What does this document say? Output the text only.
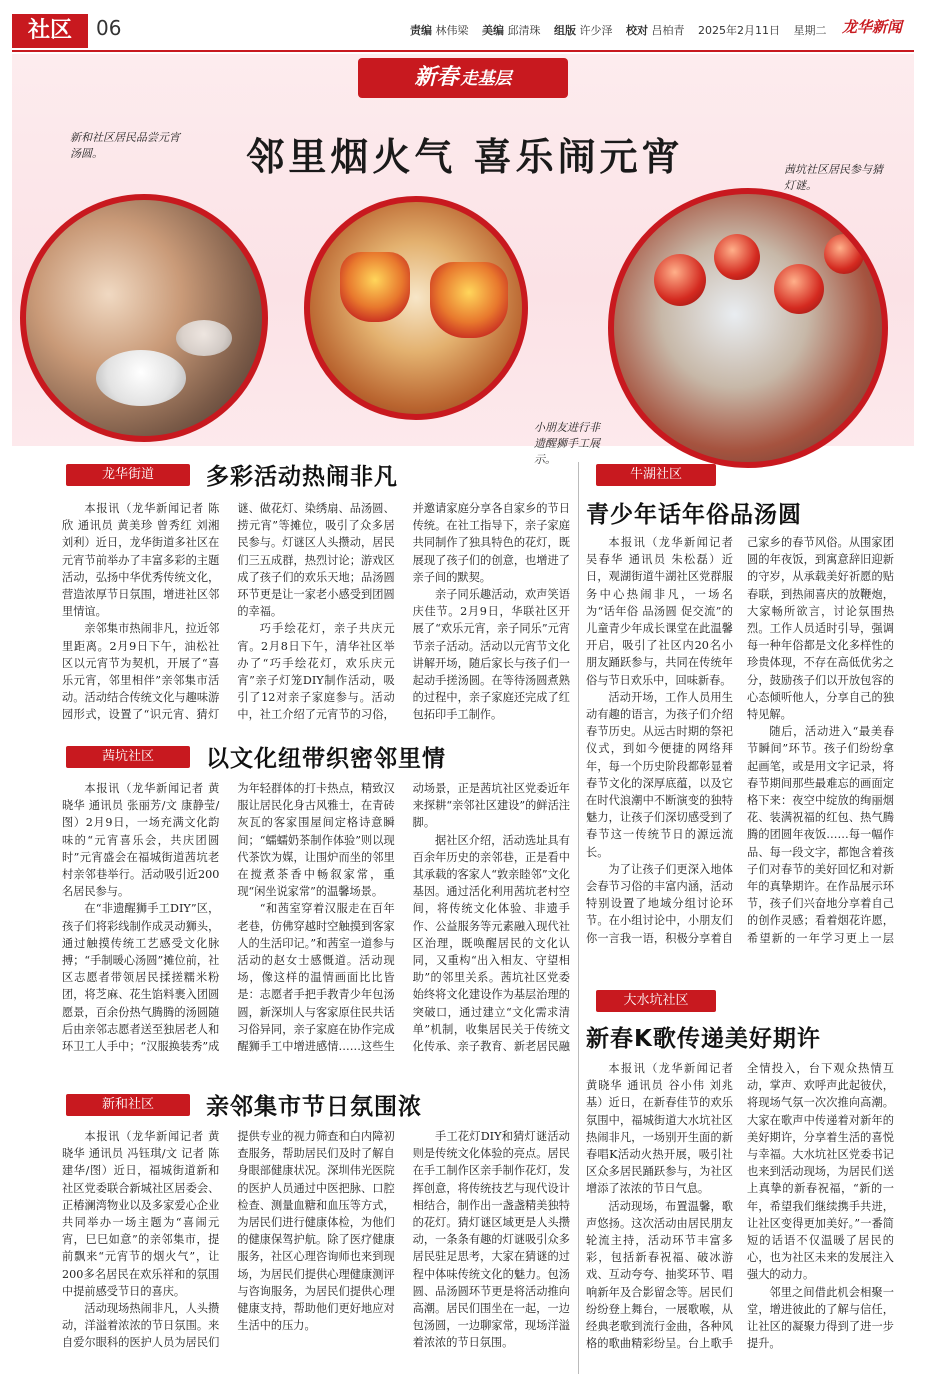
社区	06	责编 林伟梁 美编 邱清珠 组版 许少泽 校对 吕柏青 2025年2月11日 星期二	龙华新闻
新春 走基层
邻里烟火气 喜乐闹元宵
新和社区居民品尝元宵汤圆。
小朋友进行非遗醒狮手工展示。
茜坑社区居民参与猜灯谜。
龙华街道	多彩活动热闹非凡

本报讯（龙华新闻记者 陈欣 通讯员 黄美珍 曾秀红 刘湘 刘利）近日，龙华街道多社区在元宵节前举办了丰富多彩的主题活动，弘扬中华优秀传统文化，营造浓厚节日氛围，增进社区邻里情谊。

亲邻集市热闹非凡，拉近邻里距离。2月9日下午，油松社区以元宵节为契机，开展了“喜乐元宵，邻里相伴”亲邻集市活动。活动结合传统文化与趣味游园形式，设置了“识元宵、猜灯谜、做花灯、染绣扇、品汤圆、捞元宵”等摊位，吸引了众多居民参与。灯谜区人头攒动，居民们三五成群，热烈讨论；游戏区成了孩子们的欢乐天地；品汤圆环节更是让一家老小感受到团圆的幸福。

巧手绘花灯，亲子共庆元宵。2月8日下午，清华社区举办了“巧手绘花灯，欢乐庆元宵”亲子灯笼DIY制作活动，吸引了12对亲子家庭参与。活动中，社工介绍了元宵节的习俗，并邀请家庭分享各自家乡的节日传统。在社工指导下，亲子家庭共同制作了独具特色的花灯，既展现了孩子们的创意，也增进了亲子间的默契。

亲子同乐趣活动，欢声笑语庆佳节。2月9日，华联社区开展了“欢乐元宵，亲子同乐”元宵节亲子活动。活动以元宵节文化讲解开场，随后家长与孩子们一起动手搓汤圆。在等待汤圆煮熟的过程中，亲子家庭还完成了红包拓印手工制作。

茜坑社区	以文化纽带织密邻里情

本报讯（龙华新闻记者 黄晓华 通讯员 张丽芳/文 康静莹/图）2月9日，一场充满文化韵味的“元宵喜乐会，共庆团圆时”元宵盛会在福城街道茜坑老村亲邻巷举行。活动吸引近200名居民参与。

在“非遗醒狮手工DIY”区，孩子们将彩线制作成灵动狮头，通过触摸传统工艺感受文化脉搏；“手制暖心汤圆”摊位前，社区志愿者带领居民揉搓糯米粉团，将芝麻、花生馅料裹入团圆愿景，百余份热气腾腾的汤圆随后由亲邻志愿者送至独居老人和环卫工人手中；“汉服换装秀”成为年轻群体的打卡热点，精致汉服让居民化身古风雅士，在青砖灰瓦的客家围屋间定格诗意瞬间；“蠕蠕奶茶制作体验”则以现代茶饮为媒，让围炉而坐的邻里在搅煮茶香中畅叙家常，重现“闲坐说家常”的温馨场景。

“和茜室穿着汉服走在百年老巷，仿佛穿越时空触摸到客家人的生活印记。”和茜室一道参与活动的赵女士感慨道。活动现场，像这样的温情画面比比皆是：志愿者手把手教青少年包汤圆，新深圳人与客家原住民共话习俗异同，亲子家庭在协作完成醒狮手工中增进感情……这些生动场景，正是茜坑社区党委近年来探耕“亲邻社区建设”的鲜活注脚。

据社区介绍，活动选址具有百余年历史的亲邻巷，正是看中其承载的客家人“敦亲睦邻”文化基因。通过活化利用茜坑老村空间，将传统文化体验、非遗手作、公益服务等元素融入现代社区治理，既唤醒居民的文化认同，又重构“出入相友、守望相助”的邻里关系。茜坑社区党委始终将文化建设作为基层治理的突破口，通过建立“文化需求清单”机制，收集居民关于传统文化传承、亲子教育、新老居民融

新和社区	亲邻集市节日氛围浓

本报讯（龙华新闻记者 黄晓华 通讯员 冯钰琪/文 记者 陈建华/图）近日，福城街道新和社区党委联合新城社区居委会、正椿澜湾物业以及多家爱心企业共同举办一场主题为“喜闹元宵，巳巳如意”的亲邻集市，提前飘来“元宵节的烟火气”，让200多名居民在欢乐祥和的氛围中提前感受节日的喜庆。

活动现场热闹非凡，人头攒动，洋溢着浓浓的节日氛围。来自爱尔眼科的医护人员为居民们提供专业的视力筛查和白内障初查服务，帮助居民们及时了解自身眼部健康状况。深圳伟光医院的医护人员通过中医把脉、口腔检查、测量血糖和血压等方式，为居民们进行健康体检，为他们的健康保驾护航。除了医疗健康服务，社区心理咨询师也来到现场，为居民们提供心理健康测评与咨询服务，为居民们提供心理健康支持，帮助他们更好地应对生活中的压力。

手工花灯DIY和猜灯谜活动则是传统文化体验的亮点。居民在手工制作区亲手制作花灯，发挥创意，将传统技艺与现代设计相结合，制作出一盏盏精美独特的花灯。猜灯谜区域更是人头攒动，一条条有趣的灯谜吸引众多居民驻足思考，大家在猜谜的过程中体味传统文化的魅力。包汤圆、品汤圆环节更是将活动推向高潮。居民们围坐在一起，一边包汤圆，一边聊家常，现场洋溢着浓浓的节日氛围。

牛湖社区
青少年话年俗品汤圆

本报讯（龙华新闻记者 吴春华 通讯员 朱松磊）近日，观湖街道牛湖社区党群服务中心热闹非凡，一场名为“话年俗 品汤圆 促交流”的儿童青少年成长课堂在此温馨开启，吸引了社区内20名小朋友踊跃参与，共同在传统年俗与节日欢乐中，回味新春。

活动开场，工作人员用生动有趣的语言，为孩子们介绍春节历史。从远古时期的祭祀仪式，到如今便捷的网络拜年，每一个历史阶段都彰显着春节文化的深厚底蕴，以及它在时代浪潮中不断演变的独特魅力，让孩子们深切感受到了春节这一传统节日的源远流长。

为了让孩子们更深入地体会春节习俗的丰富内涵，活动特别设置了地域分组讨论环节。在小组讨论中，小朋友们你一言我一语，积极分享着自己家乡的春节风俗。从围家团圆的年夜饭，到寓意辞旧迎新的守岁，从承载美好祈愿的贴春联，到热闹喜庆的放鞭炮，大家畅所欲言，讨论氛围热烈。工作人员适时引导，强调每一种年俗都是文化多样性的珍贵体现，不存在高低优劣之分，鼓励孩子们以开放包容的心态倾听他人，分享自己的独特见解。

随后，活动进入“最美春节瞬间”环节。孩子们纷纷拿起画笔，或是用文字记录，将春节期间那些最难忘的画面定格下来：夜空中绽放的绚丽烟花、装满祝福的红包、热气腾腾的团圆年夜饭……每一幅作品、每一段文字，都饱含着孩子们对春节的美好回忆和对新年的真挚期许。在作品展示环节，孩子们兴奋地分享着自己的创作灵感；看着烟花许愿，希望新的一年学习更上一层

大水坑社区
新春K歌传递美好期许

本报讯（龙华新闻记者 黄晓华 通讯员 谷小伟 刘兆基）近日，在新春佳节的欢乐氛围中，福城街道大水坑社区热闹非凡，一场别开生面的新春唱K活动火热开展，吸引社区众多居民踊跃参与，为社区增添了浓浓的节日气息。

活动现场，布置温馨，歌声悠扬。这次活动由居民朋友轮流主持，活动环节丰富多彩，包括新春祝福、破冰游戏、互动夸夸、抽奖环节、唱响新年及合影留念等。居民们纷纷登上舞台，一展歌喉，从经典老歌到流行金曲，各种风格的歌曲精彩纷呈。台上歌手全情投入，台下观众热情互动，掌声、欢呼声此起彼伏，将现场气氛一次次推向高潮。大家在歌声中传递着对新年的美好期许，分享着生活的喜悦与幸福。大水坑社区党委书记也来到活动现场，为居民们送上真挚的新春祝福，“新的一年，希望我们继续携手共进，让社区变得更加美好。”一番简短的话语不仅温暖了居民的心，也为社区未来的发展注入强大的动力。

邻里之间借此机会相聚一堂，增进彼此的了解与信任，让社区的凝聚力得到了进一步提升。
